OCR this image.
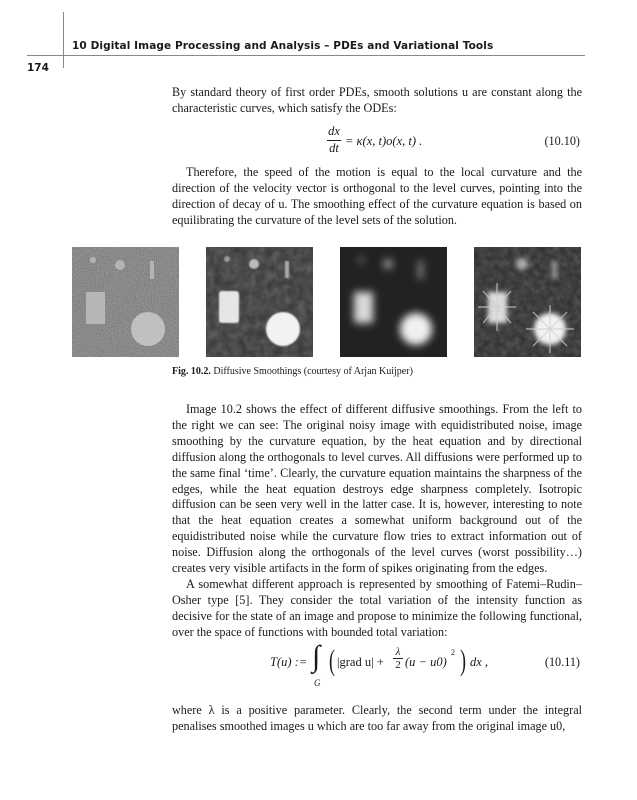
10 Digital Image Processing and Analysis – PDEs and Variational Tools
174

By standard theory of first order PDEs, smooth solutions u are constant along the characteristic curves, which satisfy the ODEs:

$\frac{dx}{dt} = \kappa(x$, t)o(x, t) .	(10.10)

Therefore, the speed of the motion is equal to the local curvature and the direction of the velocity vector is orthogonal to the level curves, pointing into the direction of decay of u. The smoothing effect of the curvature equation is based on equilibrating the curvature of the level sets of the solution.

Fig. 10.2. Diffusive Smoothings (courtesy of Arjan Kuijper)

Image 10.2 shows the effect of different diffusive smoothings. From the left to the right we can see: The original noisy image with equidistributed noise, image smoothing by the curvature equation, by the heat equation and by directional diffusion along the orthogonals to level curves. All diffusions were performed up to the same final ‘time’. Clearly, the curvature equation maintains the sharpness of the edges, while the heat equation destroys edge sharpness completely. Isotropic diffusion can be seen very well in the latter case. It is, however, interesting to note that the heat equation creates a somewhat uniform background out of the equidistributed noise while the curvature flow tries to extract information out of noise. Diffusion along the orthogonals of the level curves (worst possibility…) creates very visible artifacts in the form of spikes originating from the edges.

A somewhat different approach is represented by smoothing of Fatemi–Rudin–Osher type [5]. They consider the total variation of the intensity function as decisive for the state of an image and propose to minimize the following functional, over the space of functions with bounded total variation:

T(u) := ∫
G
( |grad $u| + \frac{\lambda}{2} (u - u0)$
2 ) dx ,	(10.11)

where λ is a positive parameter. Clearly, the second term under the integral penalises smoothed images u which are too far away from the original image u0,
